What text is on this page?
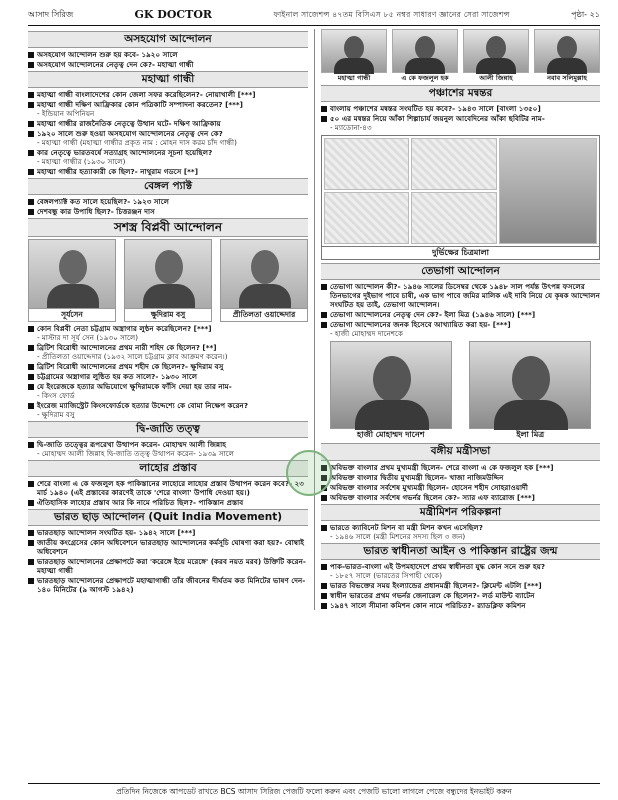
আসাদ সিরিজ	GK DOCTOR	ফাইনাল সাজেশন্স ৪৭তম বিসিএস ৮৫ নম্বর সাধারণ জ্ঞানের সেরা সাজেশন্স	পৃষ্ঠা- ২১
অসহযোগ আন্দোলন
অসহযোগ আন্দোলন শুরু হয় কবে- ১৯২০ সালে
অসহযোগ আন্দোলনের নেতৃত্ব দেন কে?- মহাত্মা গান্ধী
মহাত্মা গান্ধী
মহাত্মা গান্ধী বাংলাদেশের কোন জেলা সফর করেছিলেন?- নোয়াখালী [***]
মহাত্মা গান্ধী দক্ষিণ আফ্রিকার কোন পত্রিকাটি সম্পাদনা করতেন? [***]
- ইন্ডিয়ান অপিনিয়ন
মহাত্মা গান্ধীর রাজনৈতিক নেতৃত্বে উত্থান ঘটে- দক্ষিণ আফ্রিকায়
১৯২০ সালে শুরু হওয়া অসহযোগ আন্দোলনের নেতৃত্ব দেন কে?
- মহাত্মা গান্ধী (মহাত্মা গান্ধীর প্রকৃত নাম : মোহন দাস করম চাঁদ গান্ধী)
কার নেতৃত্বে ভারতবর্ষে সত্যাগ্রহ আন্দোলনের সূচনা হয়েছিল?
- মহাত্মা গান্ধীর (১৯৩০ সালে)
মহাত্মা গান্ধীর হত্যাকারী কে ছিল?- নাথুরাম গডসে [**]
বেঙ্গল প্যাক্ট
বেঙ্গলপ্যাক্ট কত সালে হয়েছিল?- ১৯২৩ সালে
দেশবন্ধু কার উপাধি ছিল?- চিত্তরঞ্জন দাস
সশস্ত্র বিপ্লবী আন্দোলন
সূর্যসেন	ক্ষুদিরাম বসু	প্রীতিলতা ওয়াদ্দেদার
কোন বিপ্লবী নেতা চট্টগ্রাম অস্ত্রাগার লুন্ঠন করেছিলেন? [***]
- মাস্টার দা সূর্য সেন (১৯৩০ সালে)
ব্রিটিশ বিরোধী আন্দোলনের প্রথম নারী শহিদ কে ছিলেন? [**]
- প্রীতিলতা ওয়াদ্দেদার (১৯৩২ সালে চট্টগ্রাম ক্লাব আক্রমণ করেন।)
ব্রিটিশ বিরোধী আন্দোলনের প্রথম শহীদ কে ছিলেন?- ক্ষুদিরাম বসু
চট্টগ্রামের অস্ত্রাগার লুন্ঠিত হয় কত সালে?- ১৯৩০ সালে
যে ইংরেজকে হত্যার অভিযোগে ক্ষুদিরামকে ফাঁসি দেয়া হয় তার নাম-
- কিংস ফোর্ড
ইংরেজ ম্যাজিস্ট্রেট কিংসফোর্ডকে হত্যার উদ্দেশ্যে কে বোমা নিক্ষেপ করেন?
- ক্ষুদিরাম বসু
দ্বি-জাতি তত্ত্ব
দ্বি-জাতি তত্ত্বের রূপরেখা উত্থাপন করেন- মোহাম্মদ আলী জিন্নাহ
- মোহাম্মদ আলী জিন্নাহ দ্বি-জাতি তত্ত্ব উত্থাপন করেন- ১৯৩৯ সালে
লাহোর প্রস্তাব
শেরে বাংলা এ কে ফজলুল হক পাকিস্তানের লাহোরে লাহোর প্রস্তাব উত্থাপন করেন কবে?- ২৩ মার্চ ১৯৪০ (এই প্রস্তাবের কারণেই তাকে 'শেরে বাংলা' উপাধি দেওয়া হয়।)
ঐতিহাসিক লাহোর প্রস্তাব আর কি নামে পরিচিত ছিল?- পাকিস্তান প্রস্তাব
ভারত ছাড় আন্দোলন (Quit India Movement)
ভারতছাড় আন্দোলন সংঘটিত হয়- ১৯৪২ সালে [***]
জাতীয় কংগ্রেসের কোন অধিবেশনে ভারতছাড় আন্দোলনের কর্মসূচি ঘোষণা করা হয়?- বোম্বাই অধিবেশনে
ভারতছাড় আন্দোলনের প্রেক্ষাপটে করা 'করেঙ্গে ইয়ে মরেঙ্গে' (করব নয়ত মরব) উক্তিটি করেন- মহাত্মা গান্ধী
ভারতছাড় আন্দোলনের প্রেক্ষাপটে মহাত্মাগান্ধী তাঁর জীবনের দীর্ঘতম কত মিনিটের ভাষণ দেন- ১৪০ মিনিটের (৯ আগস্ট ১৯৪২)
মহাত্মা গান্ধী	এ কে ফজলুল হক	আলী জিন্নাহ	নবাব সলিমুল্লাহ
পঞ্চাশের মন্বন্তর
বাংলায় পঞ্চাশের মন্বন্তর সংঘটিত হয় কবে?- ১৯৪৩ সালে [বাংলা ১৩৫০]
৫০ এর মন্বন্তর নিয়ে আঁকা শিল্পাচার্য জয়নুল আবেদিনের আঁকা ছবিটির নাম-
- ম্যাডোনা-৪৩
দুর্ভিক্ষের চিত্রমালা
তেভাগা আন্দোলন
তেভাগা আন্দোলন কী?- ১৯৪৬ সালের ডিসেম্বর থেকে ১৯৪৮ সাল পর্যন্ত উৎপন্ন ফসলের তিনভাগের দুইভাগ পাবে চাষী, এক ভাগ পাবে জমির মালিক এই দাবি নিয়ে যে কৃষক আন্দোলন সংঘটিত হয় তাই, তেভাগা আন্দোলন।
তেভাগা আন্দোলনের নেতৃত্ব দেন কে?- ইলা মিত্র (১৯৪৬ সালে) [***]
তেভাগা আন্দোলনের জনক হিসেবে আখ্যায়িত করা হয়- [***]
- হাজী মোহাম্মদ দানেশকে
হাজী মোহাম্মদ দানেশ	ইলা মিত্র
বঙ্গীয় মন্ত্রীসভা
অবিভক্ত বাংলার প্রথম মুখ্যমন্ত্রী ছিলেন- শেরে বাংলা এ কে ফজলুল হক [***]
অবিভক্ত বাংলার দ্বিতীয় মুখ্যমন্ত্রী ছিলেন- খাজা নাজিমউদ্দিন
অবিভক্ত বাংলার সর্বশেষ মুখ্যমন্ত্রী ছিলেন- হোসেন শহীদ সোহরাওয়ার্দী
অবিভক্ত বাংলার সর্বশেষ গভর্নর ছিলেন কে?- স্যার এফ ব্যারোজ [***]
মন্ত্রীমিশন পরিকল্পনা
ভারতে ক্যাবিনেট মিশন বা মন্ত্রী মিশন কখন এসেছিল?
- ১৯৪৬ সালে (মন্ত্রী মিশনের সদস্য ছিল ৩ জন)
ভারত স্বাধীনতা আইন ও পাকিস্তান রাষ্ট্রের জন্ম
পাক-ভারত-বাংলা এই উপমহাদেশে প্রথম স্বাধীনতা যুদ্ধ কোন সনে শুরু হয়?
- ১৮৫৭ সালে (ভারতের সিপাহী থেকে)
ভারত বিভক্তের সময় ইংল্যান্ডের প্রধানমন্ত্রী ছিলেন?- ক্লিমেন্ট এটলি [***]
স্বাধীন ভারতের প্রথম গভর্নর জেনারেল কে ছিলেন?- লর্ড মাউন্ট ব্যাটেন
১৯৪৭ সালে সীমানা কমিশন কোন নামে পরিচিত?- র‍্যাডক্লিফ কমিশন
প্রতিদিন নিজেকে আপডেট রাখতে BCS আসাদ সিরিজ পেজটি ফলো করুন এবং পেজটি ভালো লাগলে পেজে বন্ধুদের ইনভাইট করুন
